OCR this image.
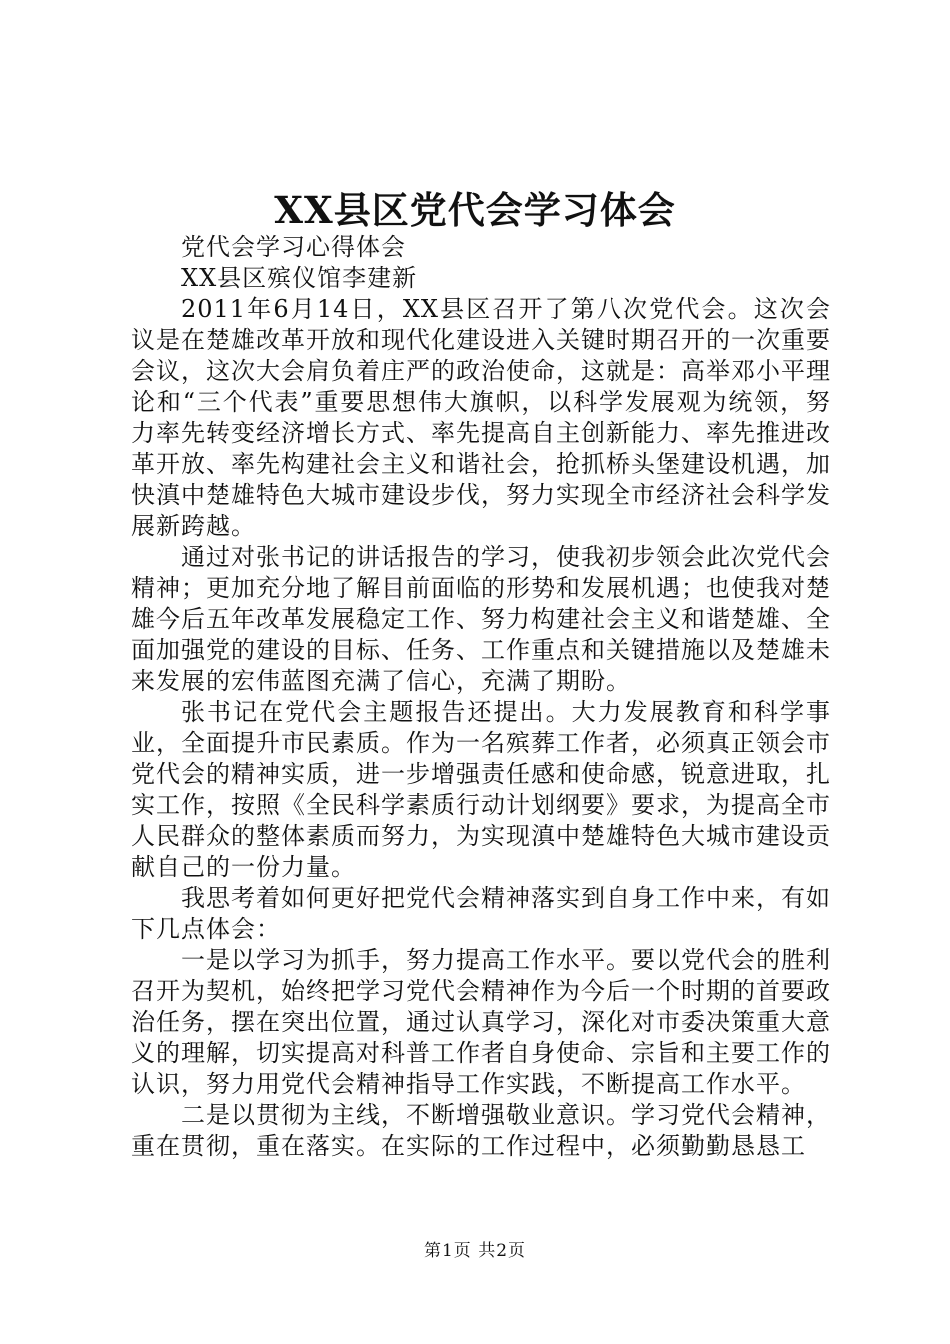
XX县区党代会学习体会

党代会学习心得体会

XX县区殡仪馆李建新

2011年6月14日，XX县区召开了第八次党代会。这次会议是在楚雄改革开放和现代化建设进入关键时期召开的一次重要会议，这次大会肩负着庄严的政治使命，这就是：高举邓小平理论和“三个代表”重要思想伟大旗帜，以科学发展观为统领，努力率先转变经济增长方式、率先提高自主创新能力、率先推进改革开放、率先构建社会主义和谐社会，抢抓桥头堡建设机遇，加快滇中楚雄特色大城市建设步伐，努力实现全市经济社会科学发展新跨越。

通过对张书记的讲话报告的学习，使我初步领会此次党代会精神；更加充分地了解目前面临的形势和发展机遇；也使我对楚雄今后五年改革发展稳定工作、努力构建社会主义和谐楚雄、全面加强党的建设的目标、任务、工作重点和关键措施以及楚雄未来发展的宏伟蓝图充满了信心，充满了期盼。

张书记在党代会主题报告还提出。大力发展教育和科学事业，全面提升市民素质。作为一名殡葬工作者，必须真正领会市党代会的精神实质，进一步增强责任感和使命感，锐意进取，扎实工作，按照《全民科学素质行动计划纲要》要求，为提高全市人民群众的整体素质而努力，为实现滇中楚雄特色大城市建设贡献自己的一份力量。

我思考着如何更好把党代会精神落实到自身工作中来，有如下几点体会：

一是以学习为抓手，努力提高工作水平。要以党代会的胜利召开为契机，始终把学习党代会精神作为今后一个时期的首要政治任务，摆在突出位置，通过认真学习，深化对市委决策重大意义的理解，切实提高对科普工作者自身使命、宗旨和主要工作的认识，努力用党代会精神指导工作实践，不断提高工作水平。

二是以贯彻为主线，不断增强敬业意识。学习党代会精神，重在贯彻，重在落实。在实际的工作过程中，必须勤勤恳恳工

第1页 共2页
